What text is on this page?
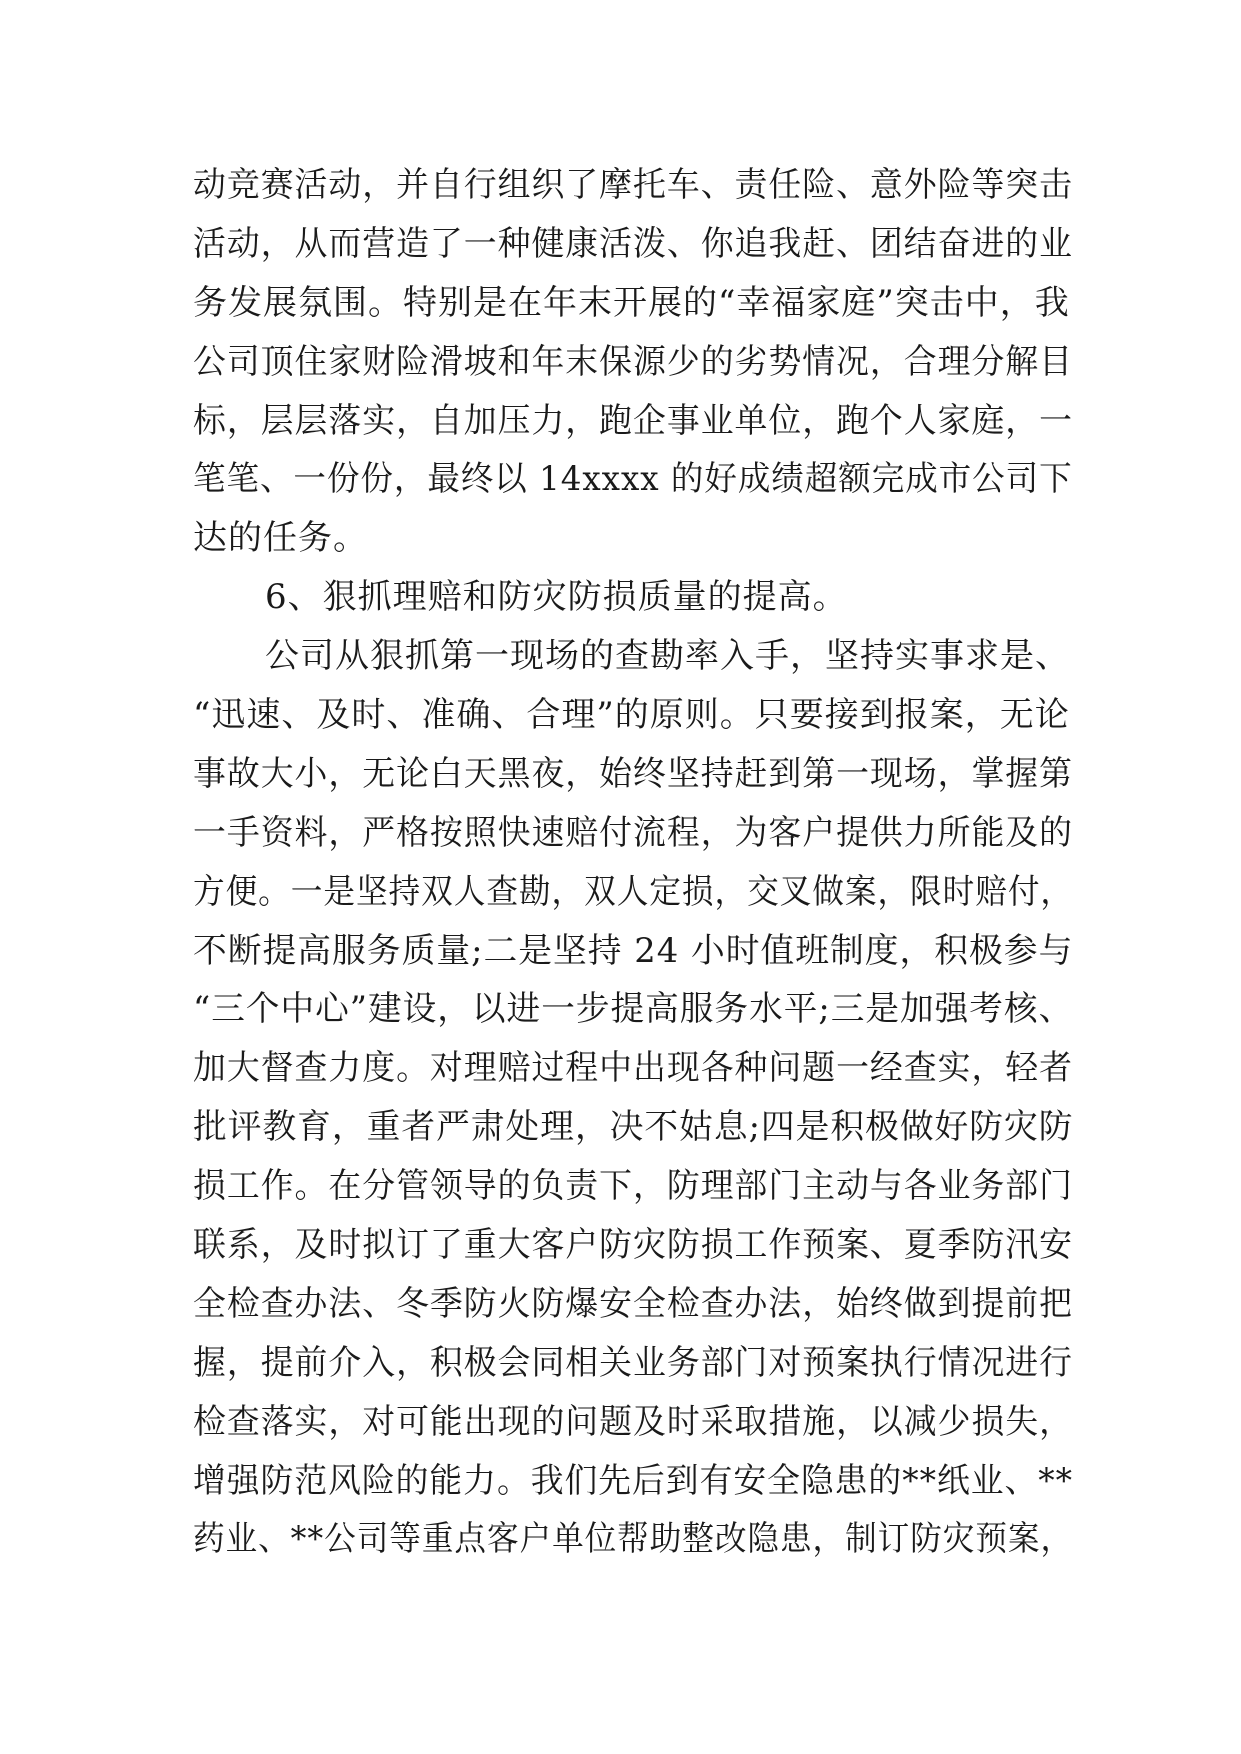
动竞赛活动，并自行组织了摩托车、责任险、意外险等突击
活动，从而营造了一种健康活泼、你追我赶、团结奋进的业
务发展氛围。特别是在年末开展的“幸福家庭”突击中，我
公司顶住家财险滑坡和年末保源少的劣势情况，合理分解目
标，层层落实，自加压力，跑企事业单位，跑个人家庭，一
笔笔、一份份，最终以 14xxxx 的好成绩超额完成市公司下
达的任务。
6、狠抓理赔和防灾防损质量的提高。
公司从狠抓第一现场的查勘率入手，坚持实事求是、
“迅速、及时、准确、合理”的原则。只要接到报案，无论
事故大小，无论白天黑夜，始终坚持赶到第一现场，掌握第
一手资料，严格按照快速赔付流程，为客户提供力所能及的
方便。一是坚持双人查勘，双人定损，交叉做案，限时赔付，
不断提高服务质量;二是坚持 24 小时值班制度，积极参与
“三个中心”建设，以进一步提高服务水平;三是加强考核、
加大督查力度。对理赔过程中出现各种问题一经查实，轻者
批评教育，重者严肃处理，决不姑息;四是积极做好防灾防
损工作。在分管领导的负责下，防理部门主动与各业务部门
联系，及时拟订了重大客户防灾防损工作预案、夏季防汛安
全检查办法、冬季防火防爆安全检查办法，始终做到提前把
握，提前介入，积极会同相关业务部门对预案执行情况进行
检查落实，对可能出现的问题及时采取措施，以减少损失，
增强防范风险的能力。我们先后到有安全隐患的**纸业、**
药业、**公司等重点客户单位帮助整改隐患，制订防灾预案，
